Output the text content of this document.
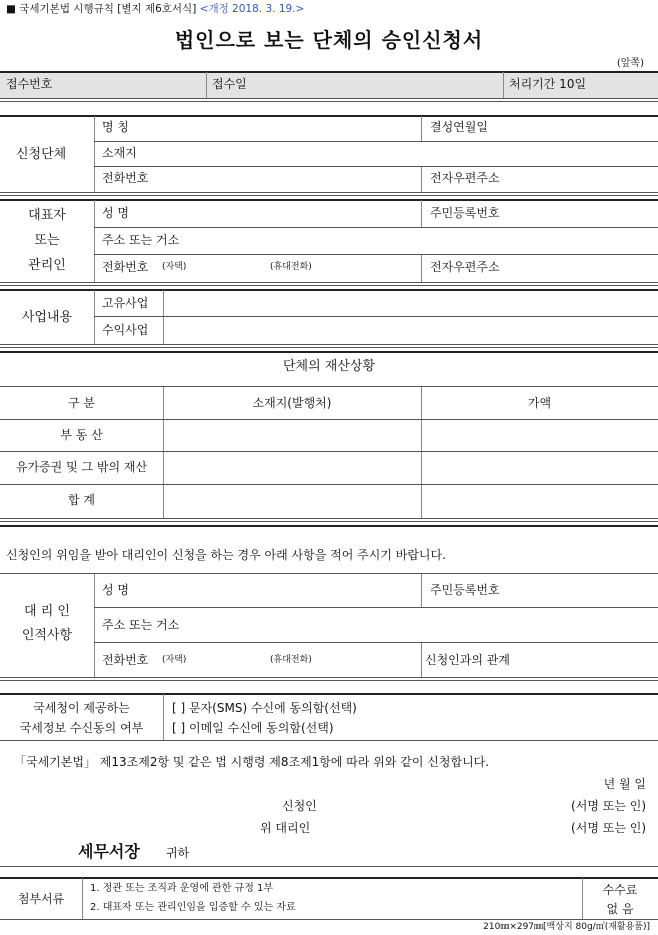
■ 국세기본법 시행규칙 [별지 제6호서식] <개정 2018. 3. 19.>
법인으로 보는 단체의 승인신청서
(앞쪽)
접수번호	접수일	처리기간 10일
신청단체
명 칭	결성연월일
소재지
전화번호	전자우편주소
대표자
또는
관리인
성 명	주민등록번호
주소 또는 거소
전화번호 (자택)	(휴대전화)	전자우편주소
사업내용
고유사업
수익사업
단체의 재산상황
구 분	소재지(발행처)	가액
부 동 산
유가증권 및 그 밖의 재산
합 계
신청인의 위임을 받아 대리인이 신청을 하는 경우 아래 사항을 적어 주시기 바랍니다.
대 리 인
인적사항
성 명	주민등록번호
주소 또는 거소
전화번호 (자택)	(휴대전화)	신청인과의 관계
국세청이 제공하는
국세정보 수신동의 여부
[ ] 문자(SMS) 수신에 동의함(선택)
[ ] 이메일 수신에 동의함(선택)
「국세기본법」 제13조제2항 및 같은 법 시행령 제8조제1항에 따라 위와 같이 신청합니다.
년 월 일
신청인	(서명 또는 인)
위 대리인	(서명 또는 인)
세무서장 귀하
첨부서류
1. 정관 또는 조직과 운영에 관한 규정 1부
2. 대표자 또는 관리인임을 입증할 수 있는 자료
수수료
없 음
210㎜×297㎜[백상지 80g/㎡(재활용품)]
